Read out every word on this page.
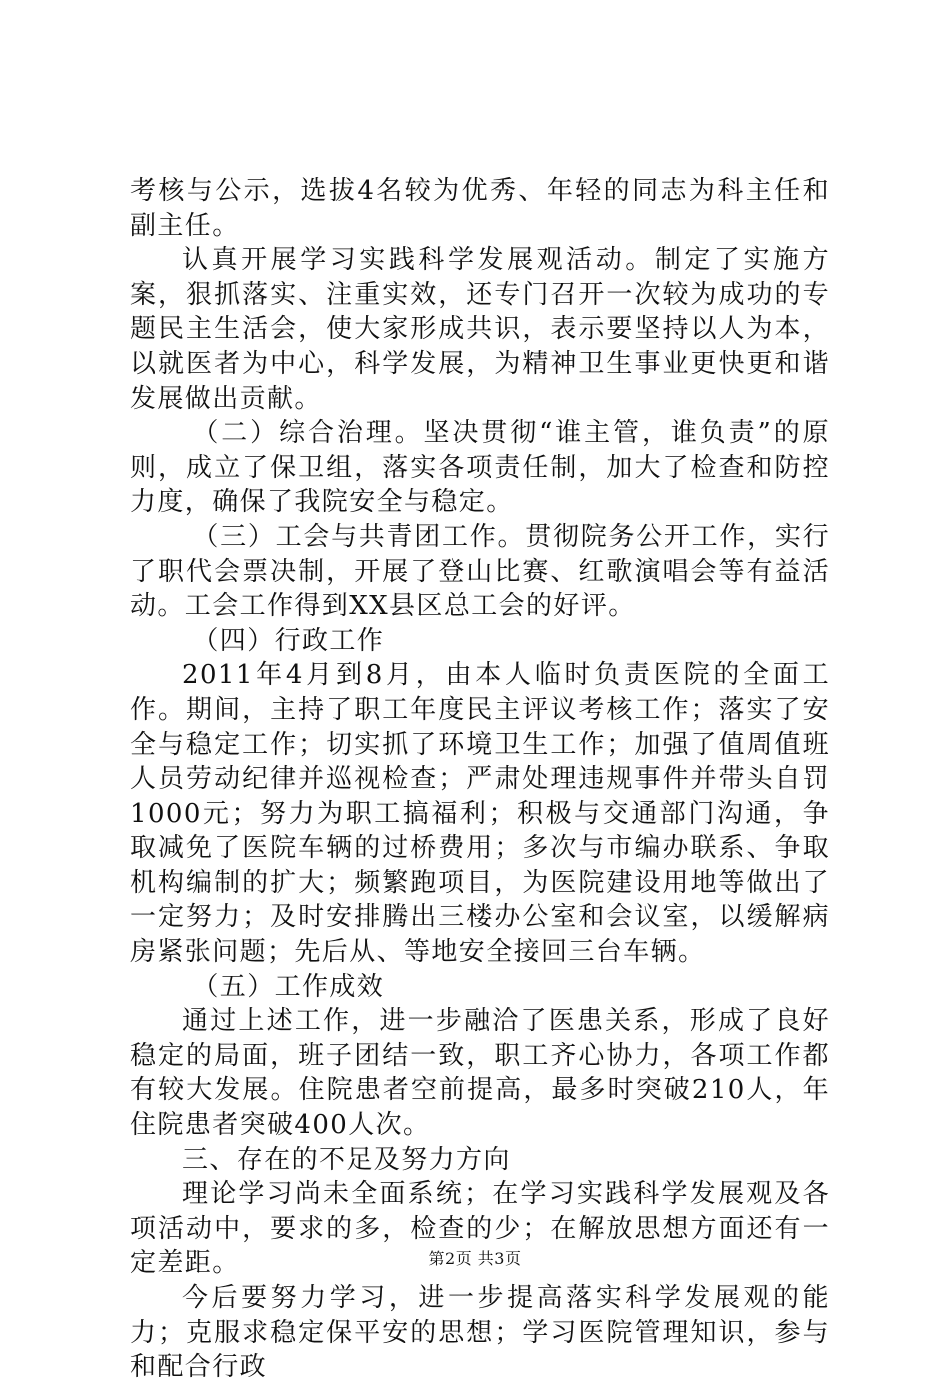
考核与公示，选拔4名较为优秀、年轻的同志为科主任和副主任。

认真开展学习实践科学发展观活动。制定了实施方案，狠抓落实、注重实效，还专门召开一次较为成功的专题民主生活会，使大家形成共识，表示要坚持以人为本，以就医者为中心，科学发展，为精神卫生事业更快更和谐发展做出贡献。

（二）综合治理。坚决贯彻“谁主管，谁负责”的原则，成立了保卫组，落实各项责任制，加大了检查和防控力度，确保了我院安全与稳定。

（三）工会与共青团工作。贯彻院务公开工作，实行了职代会票决制，开展了登山比赛、红歌演唱会等有益活动。工会工作得到XX县区总工会的好评。

（四）行政工作

2011年4月到8月，由本人临时负责医院的全面工作。期间，主持了职工年度民主评议考核工作；落实了安全与稳定工作；切实抓了环境卫生工作；加强了值周值班人员劳动纪律并巡视检查；严肃处理违规事件并带头自罚1000元；努力为职工搞福利；积极与交通部门沟通，争取减免了医院车辆的过桥费用；多次与市编办联系、争取机构编制的扩大；频繁跑项目，为医院建设用地等做出了一定努力；及时安排腾出三楼办公室和会议室，以缓解病房紧张问题；先后从、等地安全接回三台车辆。

（五）工作成效

通过上述工作，进一步融洽了医患关系，形成了良好稳定的局面，班子团结一致，职工齐心协力，各项工作都有较大发展。住院患者空前提高，最多时突破210人，年住院患者突破400人次。

三、存在的不足及努力方向

理论学习尚未全面系统；在学习实践科学发展观及各项活动中，要求的多，检查的少；在解放思想方面还有一定差距。

今后要努力学习，进一步提高落实科学发展观的能力；克服求稳定保平安的思想；学习医院管理知识，参与和配合行政

第2页 共3页
